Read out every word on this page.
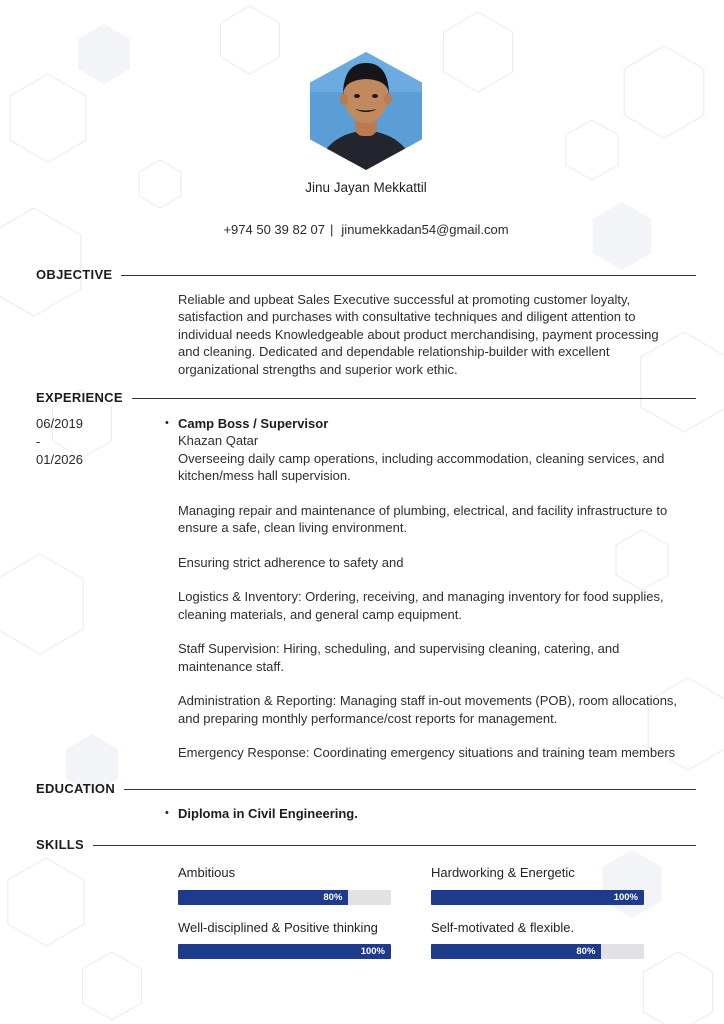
Jinu Jayan Mekkattil
+974 50 39 82 07 | jinumekkadan54@gmail.com
OBJECTIVE

Reliable and upbeat Sales Executive successful at promoting customer loyalty, satisfaction and purchases with consultative techniques and diligent attention to individual needs Knowledgeable about product merchandising, payment processing and cleaning. Dedicated and dependable relationship-builder with excellent organizational strengths and superior work ethic.

EXPERIENCE
06/2019
-
01/2026
• Camp Boss / Supervisor
Khazan Qatar

Overseeing daily camp operations, including accommodation, cleaning services, and kitchen/mess hall supervision.

Managing repair and maintenance of plumbing, electrical, and facility infrastructure to ensure a safe, clean living environment.

Ensuring strict adherence to safety and

Logistics & Inventory: Ordering, receiving, and managing inventory for food supplies, cleaning materials, and general camp equipment.

Staff Supervision: Hiring, scheduling, and supervising cleaning, catering, and maintenance staff.

Administration & Reporting: Managing staff in-out movements (POB), room allocations, and preparing monthly performance/cost reports for management.

Emergency Response: Coordinating emergency situations and training team members

EDUCATION
• Diploma in Civil Engineering.
SKILLS
Ambitious
80%
Hardworking & Energetic
100%
Well-disciplined & Positive thinking
100%
Self-motivated & flexible.
80%
